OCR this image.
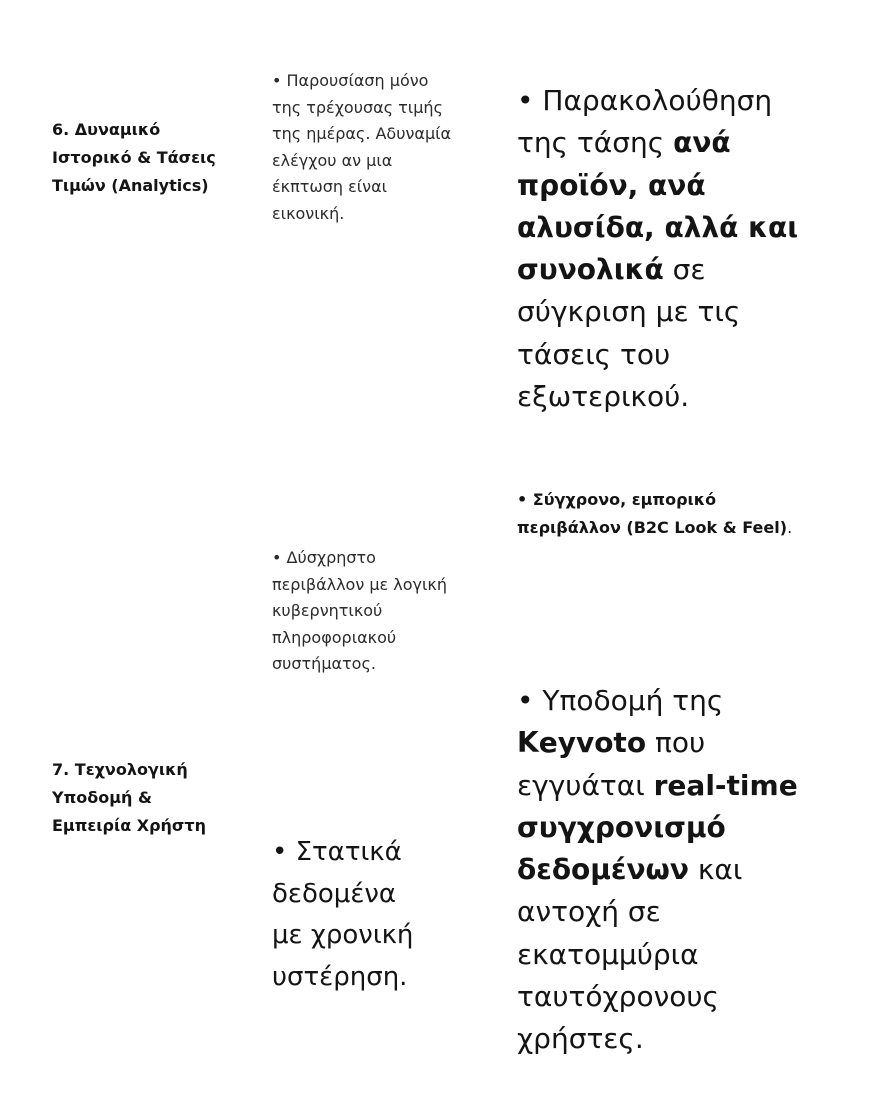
6. Δυναμικό
Ιστορικό & Τάσεις
Τιμών (Analytics)
• Παρουσίαση μόνο
της τρέχουσας τιμής
της ημέρας. Αδυναμία
ελέγχου αν μια
έκπτωση είναι
εικονική.
• Παρακολούθηση
της τάσης ανά
προϊόν, ανά
αλυσίδα, αλλά και
συνολικά σε
σύγκριση με τις
τάσεις του
εξωτερικού.
• Σύγχρονο, εμπορικό
περιβάλλον (B2C Look & Feel).
• Δύσχρηστο
περιβάλλον με λογική
κυβερνητικού
πληροφοριακού
συστήματος.
• Υποδομή της
Κeyvoto που
εγγυάται real-time
συγχρονισμό
δεδομένων και
αντοχή σε
εκατομμύρια
ταυτόχρονους
χρήστες.
7. Τεχνολογική
Υποδομή &
Εμπειρία Χρήστη
• Στατικά
δεδομένα
με χρονική
υστέρηση.
